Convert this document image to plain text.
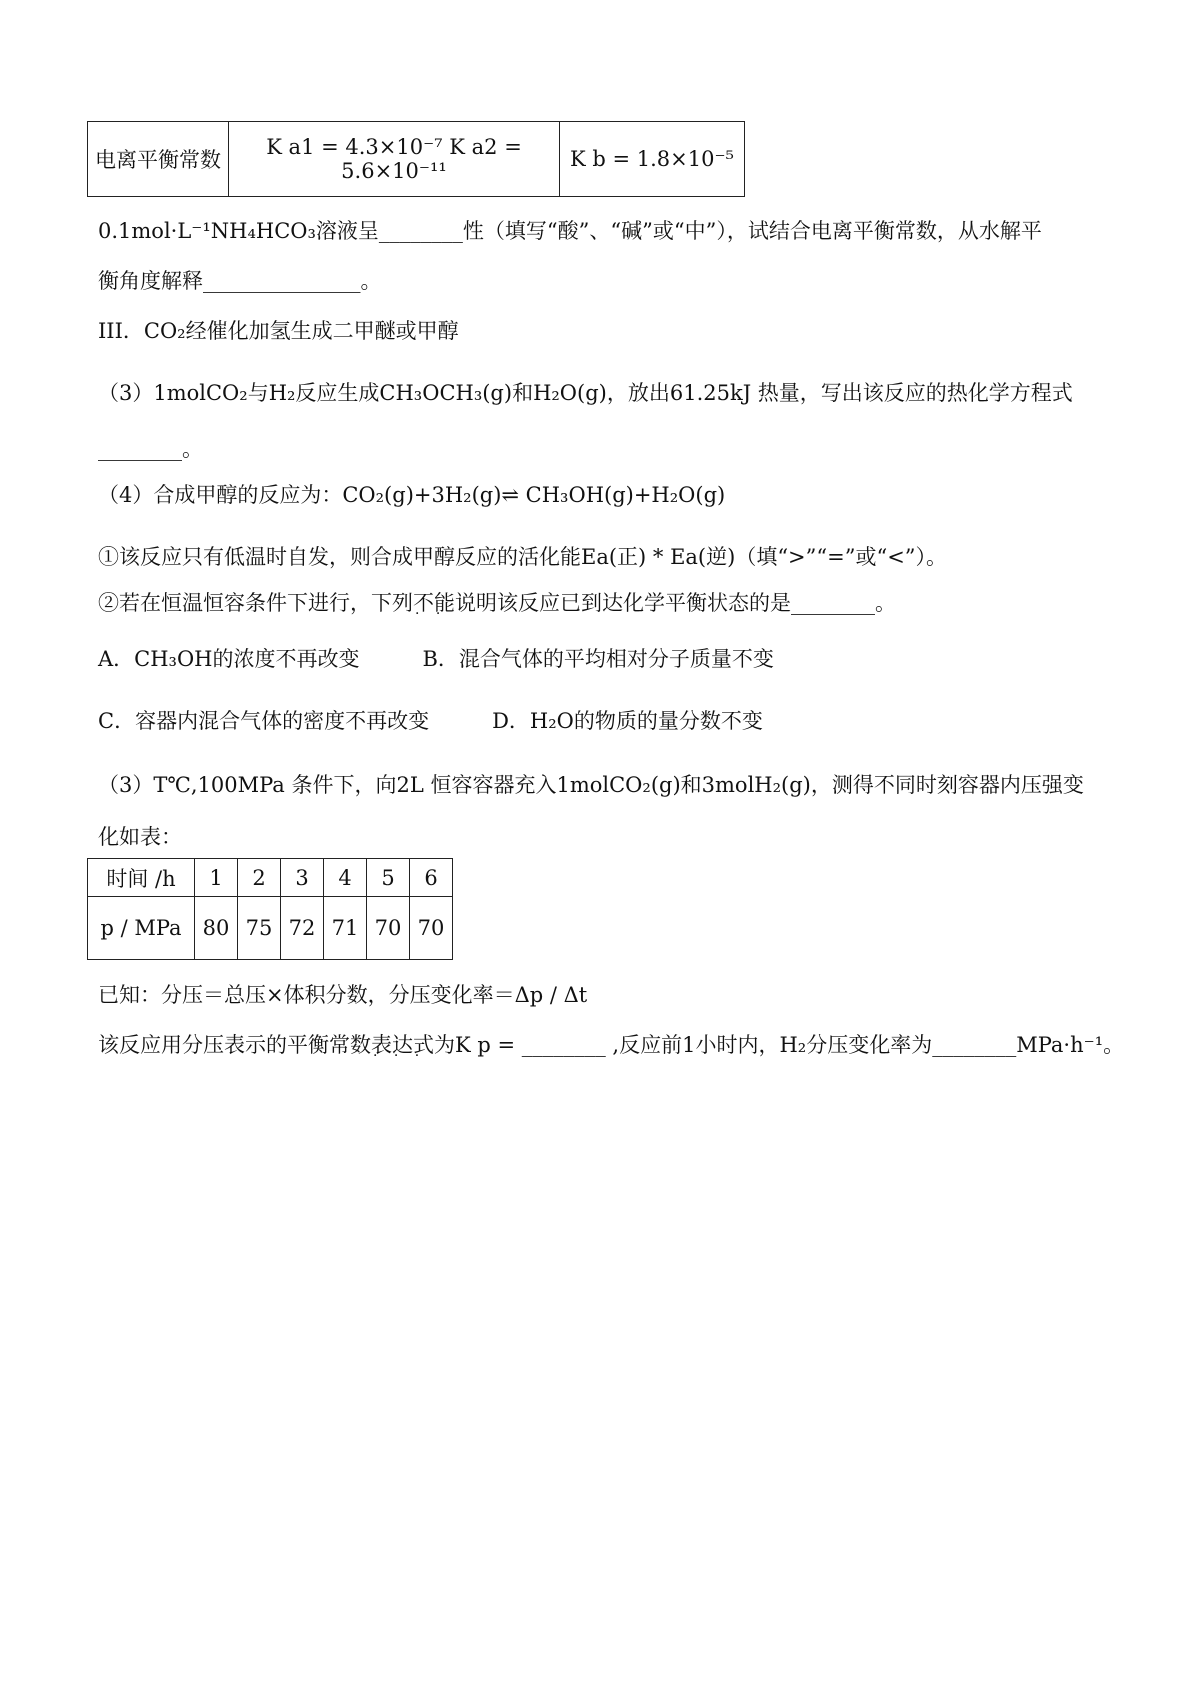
电离平衡常数	K a1 = 4.3×10⁻⁷ K a2 = 5.6×10⁻¹¹	K b = 1.8×10⁻⁵
0.1mol·L⁻¹NH₄HCO₃溶液呈________性（填写“酸”、“碱”或“中”），试结合电离平衡常数，从水解平
衡角度解释_______________。
III．CO₂经催化加氢生成二甲醚或甲醇
（3）1molCO₂与H₂反应生成CH₃OCH₃(g)和H₂O(g)，放出61.25kJ 热量，写出该反应的热化学方程式
________。
（4）合成甲醇的反应为：CO₂(g)+3H₂(g)⇌ CH₃OH(g)+H₂O(g)
①该反应只有低温时自发，则合成甲醇反应的活化能Ea(正) * Ea(逆)（填“>”“=”或“<”）。
②若在恒温恒容条件下进行，下列不能 · ·说明该反应已到达化学平衡状态的是________。
A．CH₃OH的浓度不再改变　　　B．混合气体的平均相对分子质量不变
C．容器内混合气体的密度不再改变　　　D．H₂O的物质的量分数不变
（3）T℃,100MPa 条件下，向2L 恒容容器充入1molCO₂(g)和3molH₂(g)，测得不同时刻容器内压强变
化如表：
时间 /h	1	2	3	4	5	6
p / MPa	80	75	72	71	70	70
已知：分压＝总压×体积分数，分压变化率＝Δp / Δt
该反应用分压表示的平衡常数表达式 · · ·为K p = ________ ,反应前1小时内，H₂分压变化率为________MPa·h⁻¹。
